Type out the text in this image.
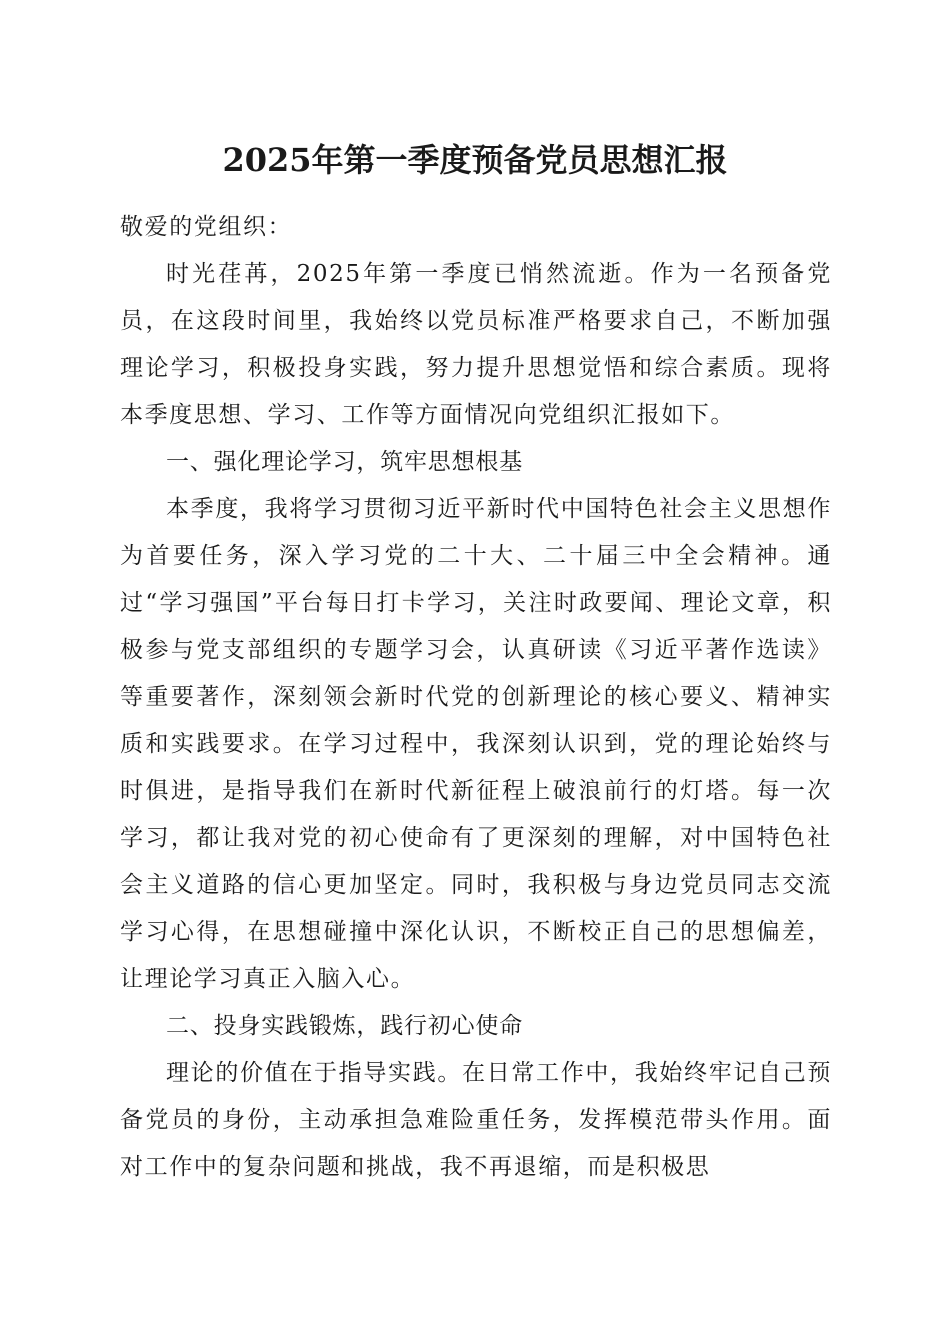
2025年第一季度预备党员思想汇报

敬爱的党组织：

时光荏苒，2025年第一季度已悄然流逝。作为一名预备党员，在这段时间里，我始终以党员标准严格要求自己，不断加强理论学习，积极投身实践，努力提升思想觉悟和综合素质。现将本季度思想、学习、工作等方面情况向党组织汇报如下。

一、强化理论学习，筑牢思想根基

本季度，我将学习贯彻习近平新时代中国特色社会主义思想作为首要任务，深入学习党的二十大、二十届三中全会精神。通过“学习强国”平台每日打卡学习，关注时政要闻、理论文章，积极参与党支部组织的专题学习会，认真研读《习近平著作选读》等重要著作，深刻领会新时代党的创新理论的核心要义、精神实质和实践要求。在学习过程中，我深刻认识到，党的理论始终与时俱进，是指导我们在新时代新征程上破浪前行的灯塔。每一次学习，都让我对党的初心使命有了更深刻的理解，对中国特色社会主义道路的信心更加坚定。同时，我积极与身边党员同志交流学习心得，在思想碰撞中深化认识，不断校正自己的思想偏差，让理论学习真正入脑入心。

二、投身实践锻炼，践行初心使命

理论的价值在于指导实践。在日常工作中，我始终牢记自己预备党员的身份，主动承担急难险重任务，发挥模范带头作用。面对工作中的复杂问题和挑战，我不再退缩，而是积极思
